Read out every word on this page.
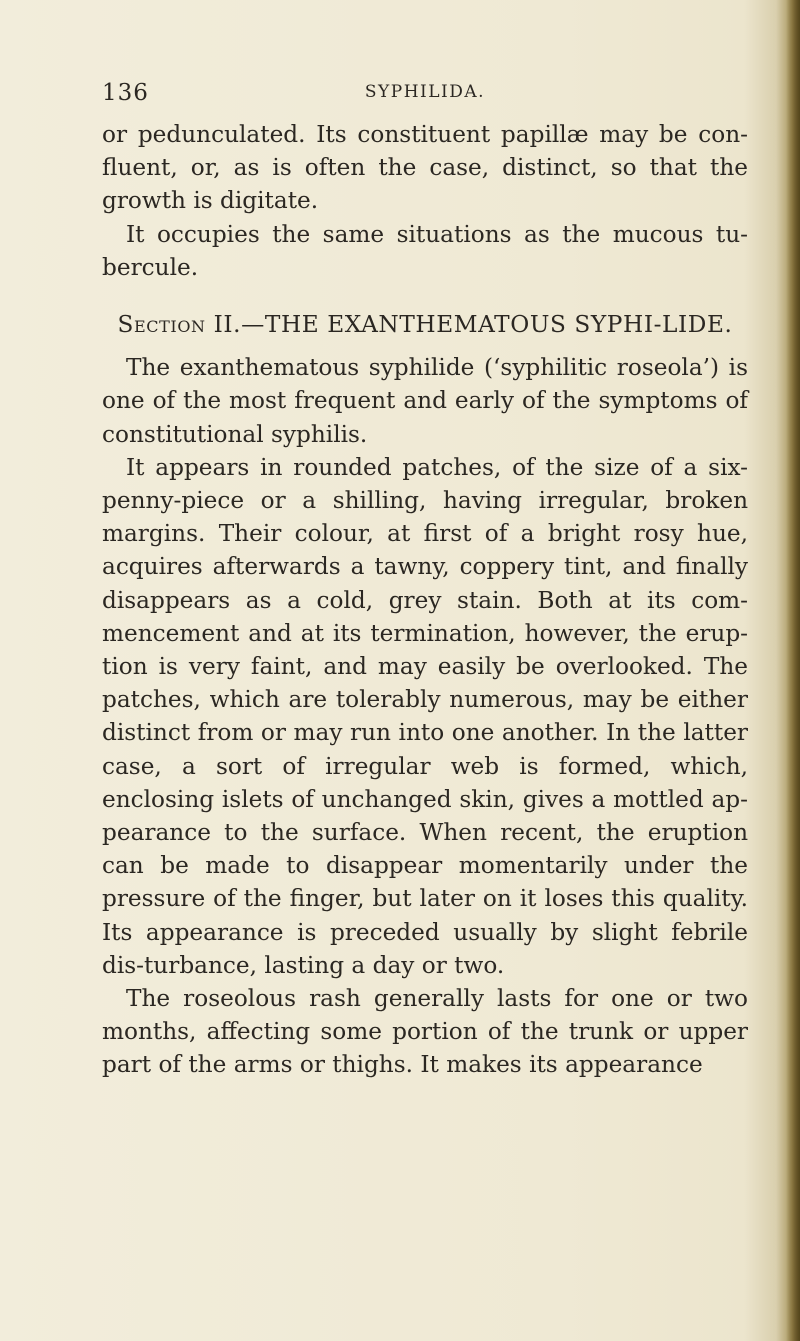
136	SYPHILIDA.

or pedunculated. Its constituent papillæ may be con-fluent, or, as is often the case, distinct, so that the growth is digitate.

It occupies the same situations as the mucous tu-bercule.

Section II.—THE EXANTHEMATOUS SYPHI-LIDE.

The exanthematous syphilide (‘syphilitic roseola’) is one of the most frequent and early of the symptoms of constitutional syphilis.

It appears in rounded patches, of the size of a six-penny-piece or a shilling, having irregular, broken margins. Their colour, at first of a bright rosy hue, acquires afterwards a tawny, coppery tint, and finally disappears as a cold, grey stain. Both at its com-mencement and at its termination, however, the erup-tion is very faint, and may easily be overlooked. The patches, which are tolerably numerous, may be either distinct from or may run into one another. In the latter case, a sort of irregular web is formed, which, enclosing islets of unchanged skin, gives a mottled ap-pearance to the surface. When recent, the eruption can be made to disappear momentarily under the pressure of the finger, but later on it loses this quality. Its appearance is preceded usually by slight febrile dis-turbance, lasting a day or two.

The roseolous rash generally lasts for one or two months, affecting some portion of the trunk or upper part of the arms or thighs. It makes its appearance
